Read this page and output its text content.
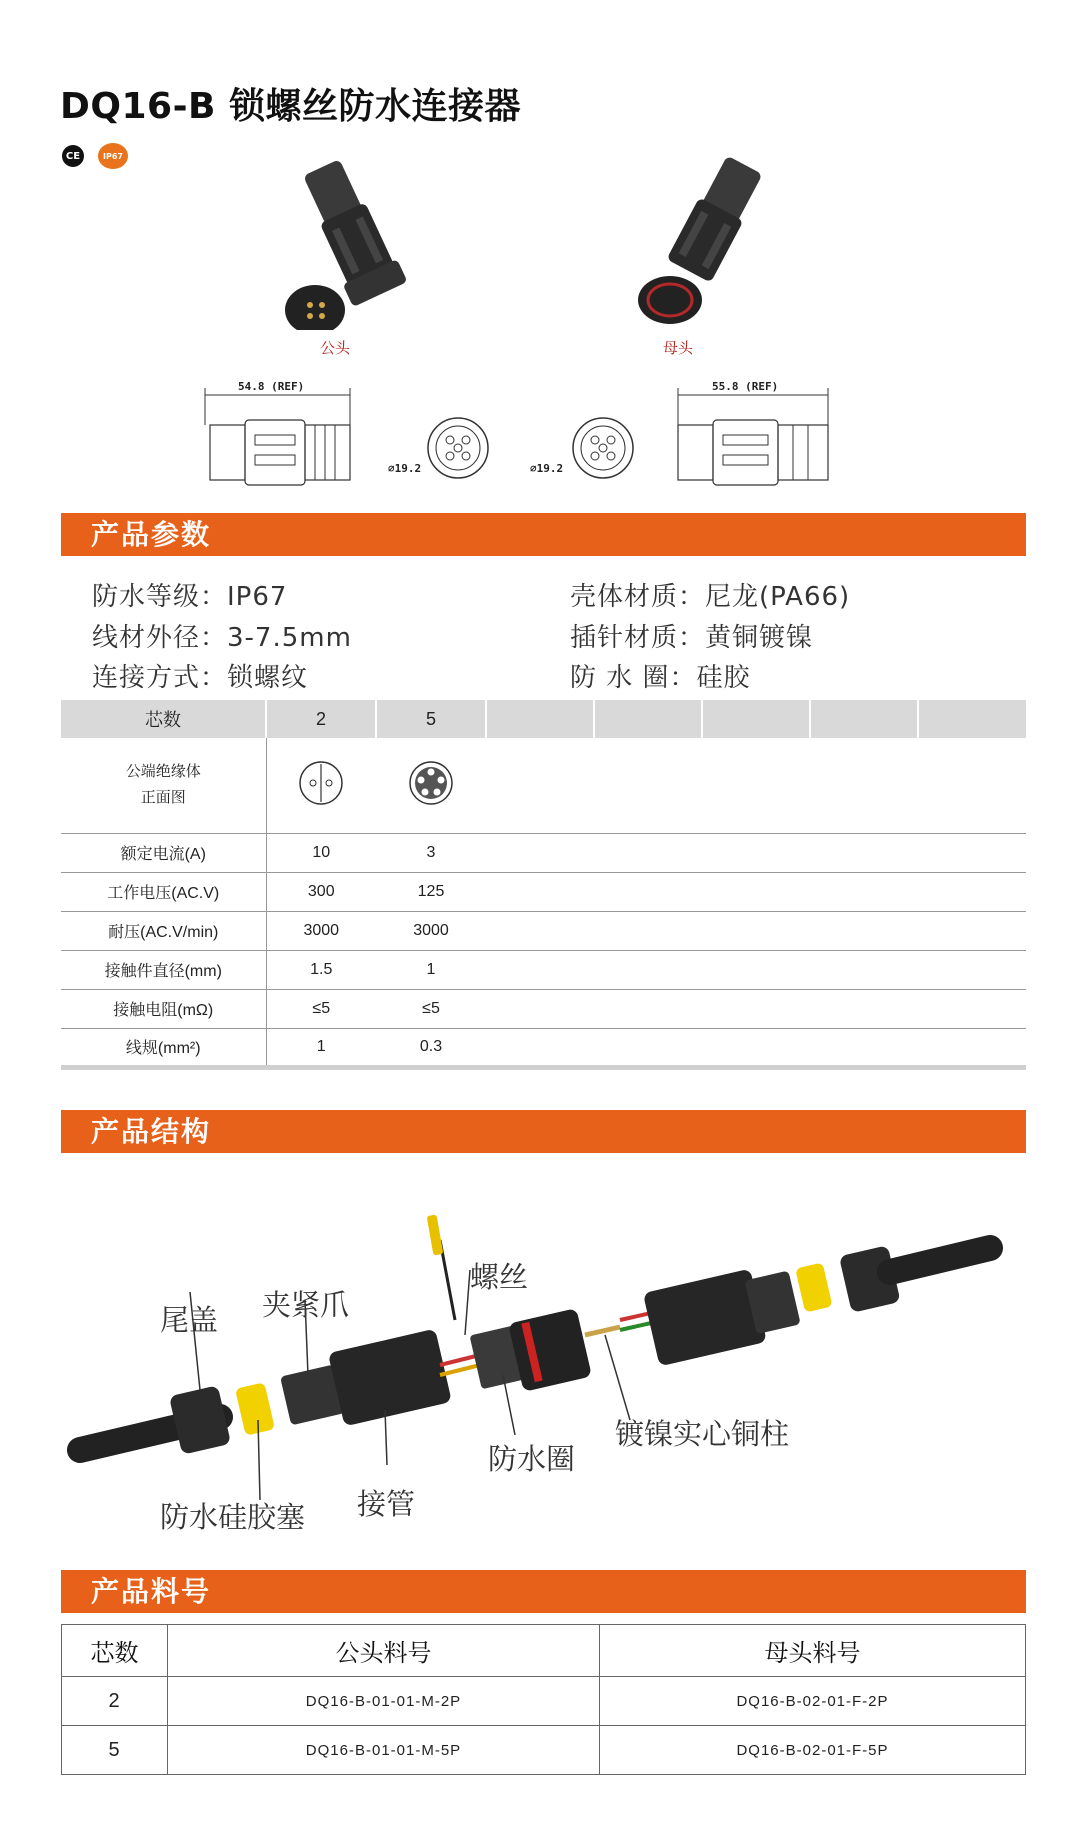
DQ16-B 锁螺丝防水连接器
CE	IP67
公头	母头
54.8 (REF)
⌀19.2	⌀19.2
55.8 (REF)
产品参数
防水等级：IP67
线材外径：3-7.5mm
连接方式：锁螺纹
壳体材质：尼龙(PA66)
插针材质：黄铜镀镍
防 水 圈：硅胶
芯数	2	5					

公端绝缘体
正面图

额定电流(A)	10	3					
工作电压(AC.V)	300	125					
耐压(AC.V/min)	3000	3000					
接触件直径(mm)	1.5	1					
接触电阻(mΩ)	≤5	≤5					
线规(mm²)	1	0.3					
产品结构
尾盖 夹紧爪
螺丝
防水硅胶塞 接管
防水圈
镀镍实心铜柱
产品料号
芯数	公头料号	母头料号
2	DQ16-B-01-01-M-2P	DQ16-B-02-01-F-2P
5	DQ16-B-01-01-M-5P	DQ16-B-02-01-F-5P
